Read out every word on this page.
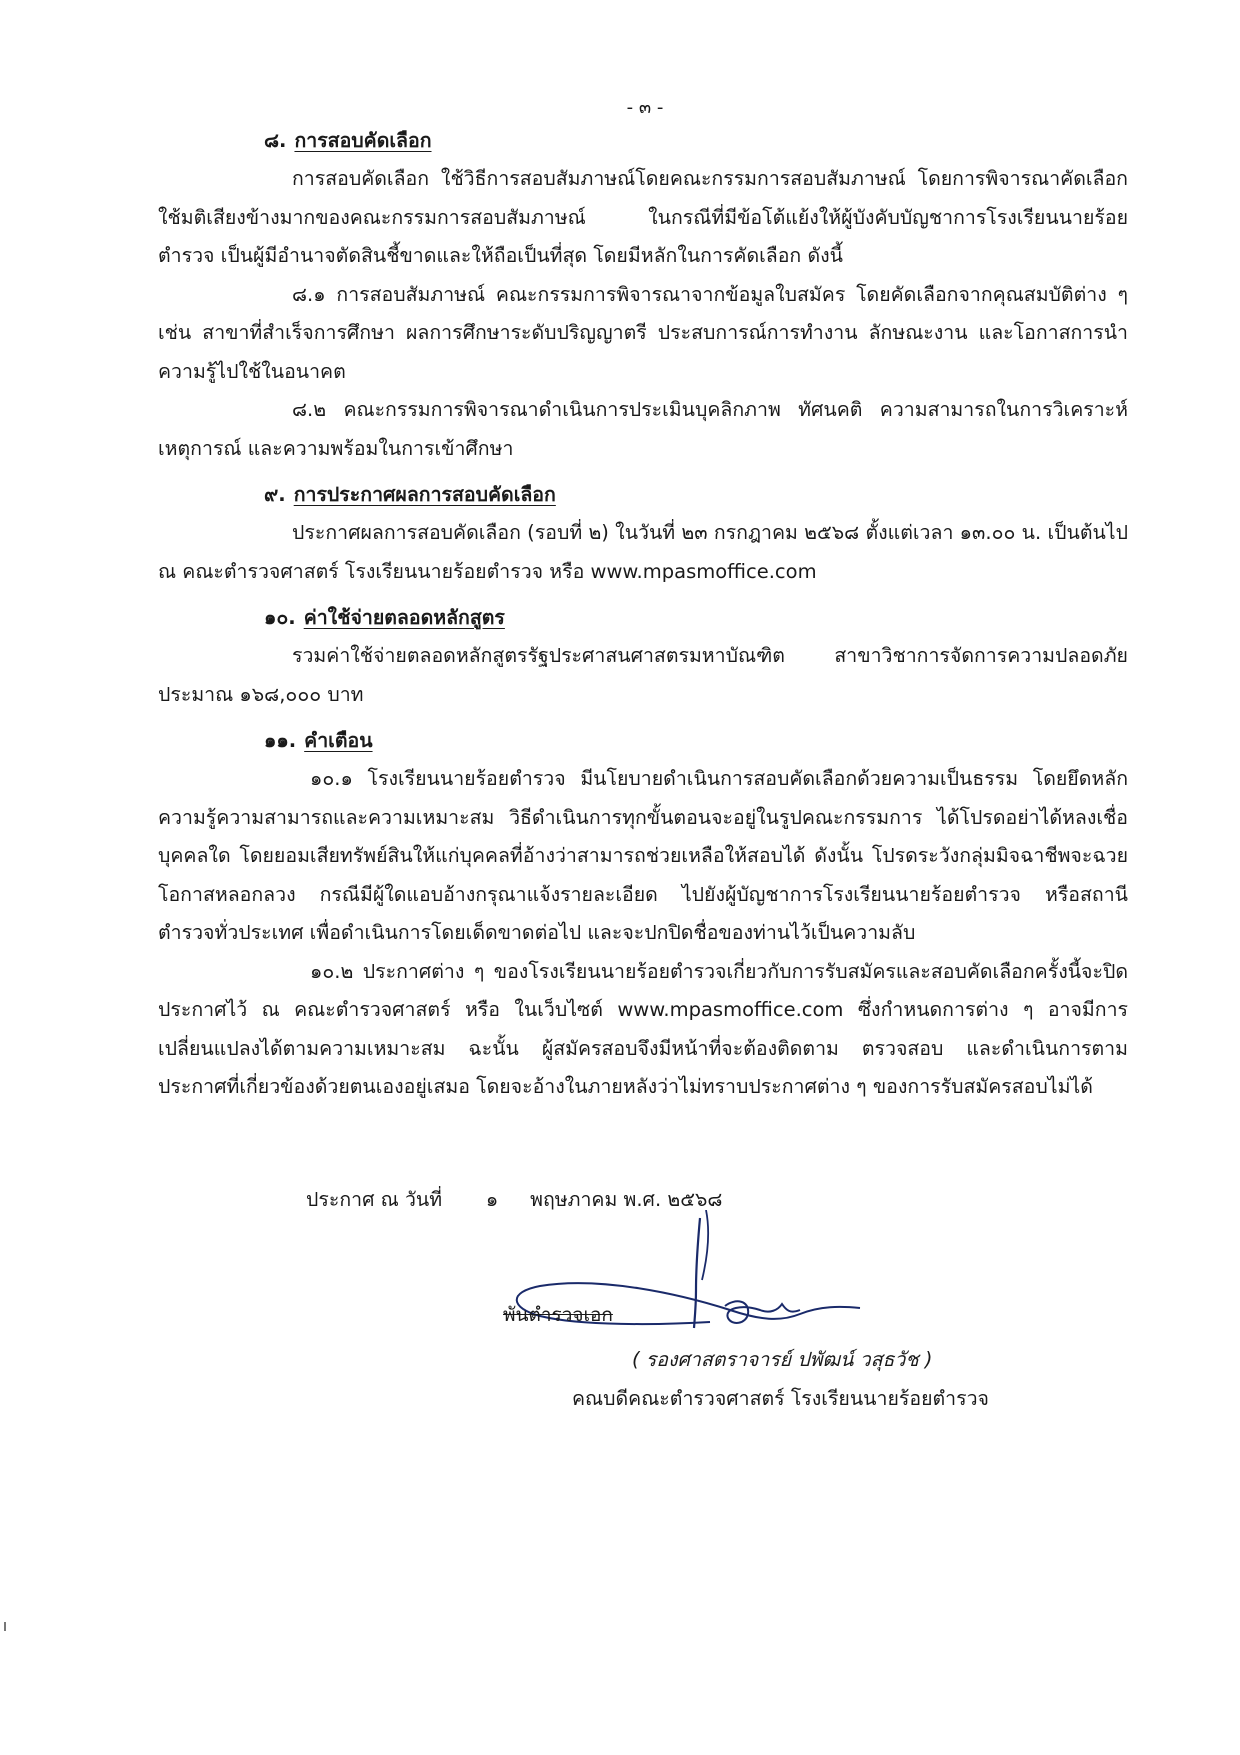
- ๓ -
๘. การสอบคัดเลือก

การสอบคัดเลือก ใช้วิธีการสอบสัมภาษณ์โดยคณะกรรมการสอบสัมภาษณ์ โดยการพิจารณาคัดเลือกใช้มติเสียงข้างมากของคณะกรรมการสอบสัมภาษณ์ ในกรณีที่มีข้อโต้แย้งให้ผู้บังคับบัญชาการโรงเรียนนายร้อยตำรวจ เป็นผู้มีอำนาจตัดสินชี้ขาดและให้ถือเป็นที่สุด โดยมีหลักในการคัดเลือก ดังนี้

๘.๑ การสอบสัมภาษณ์ คณะกรรมการพิจารณาจากข้อมูลใบสมัคร โดยคัดเลือกจากคุณสมบัติต่าง ๆ เช่น สาขาที่สำเร็จการศึกษา ผลการศึกษาระดับปริญญาตรี ประสบการณ์การทำงาน ลักษณะงาน และโอกาสการนำความรู้ไปใช้ในอนาคต

๘.๒ คณะกรรมการพิจารณาดำเนินการประเมินบุคลิกภาพ ทัศนคติ ความสามารถในการวิเคราะห์เหตุการณ์ และความพร้อมในการเข้าศึกษา

๙. การประกาศผลการสอบคัดเลือก

ประกาศผลการสอบคัดเลือก (รอบที่ ๒) ในวันที่ ๒๓ กรกฎาคม ๒๕๖๘ ตั้งแต่เวลา ๑๓.๐๐ น. เป็นต้นไป ณ คณะตำรวจศาสตร์ โรงเรียนนายร้อยตำรวจ หรือ www.mpasmoffice.com

๑๐. ค่าใช้จ่ายตลอดหลักสูตร

รวมค่าใช้จ่ายตลอดหลักสูตรรัฐประศาสนศาสตรมหาบัณฑิต สาขาวิชาการจัดการความปลอดภัย ประมาณ ๑๖๘,๐๐๐ บาท

๑๑. คำเตือน

๑๐.๑ โรงเรียนนายร้อยตำรวจ มีนโยบายดำเนินการสอบคัดเลือกด้วยความเป็นธรรม โดยยึดหลักความรู้ความสามารถและความเหมาะสม วิธีดำเนินการทุกขั้นตอนจะอยู่ในรูปคณะกรรมการ ได้โปรดอย่าได้หลงเชื่อบุคคลใด โดยยอมเสียทรัพย์สินให้แก่บุคคลที่อ้างว่าสามารถช่วยเหลือให้สอบได้ ดังนั้น โปรดระวังกลุ่มมิจฉาชีพจะฉวยโอกาสหลอกลวง กรณีมีผู้ใดแอบอ้างกรุณาแจ้งรายละเอียด ไปยังผู้บัญชาการโรงเรียนนายร้อยตำรวจ หรือสถานีตำรวจทั่วประเทศ เพื่อดำเนินการโดยเด็ดขาดต่อไป และจะปกปิดชื่อของท่านไว้เป็นความลับ

๑๐.๒ ประกาศต่าง ๆ ของโรงเรียนนายร้อยตำรวจเกี่ยวกับการรับสมัครและสอบคัดเลือกครั้งนี้จะปิดประกาศไว้ ณ คณะตำรวจศาสตร์ หรือ ในเว็บไซต์ www.mpasmoffice.com ซึ่งกำหนดการต่าง ๆ อาจมีการเปลี่ยนแปลงได้ตามความเหมาะสม ฉะนั้น ผู้สมัครสอบจึงมีหน้าที่จะต้องติดตาม ตรวจสอบ และดำเนินการตามประกาศที่เกี่ยวข้องด้วยตนเองอยู่เสมอ โดยจะอ้างในภายหลังว่าไม่ทราบประกาศต่าง ๆ ของการรับสมัครสอบไม่ได้

ประกาศ ณ วันที่ ๑ พฤษภาคม พ.ศ. ๒๕๖๘
พันตำรวจเอก
( รองศาสตราจารย์ ปพัฒน์ วสุธวัช )
คณบดีคณะตำรวจศาสตร์ โรงเรียนนายร้อยตำรวจ
